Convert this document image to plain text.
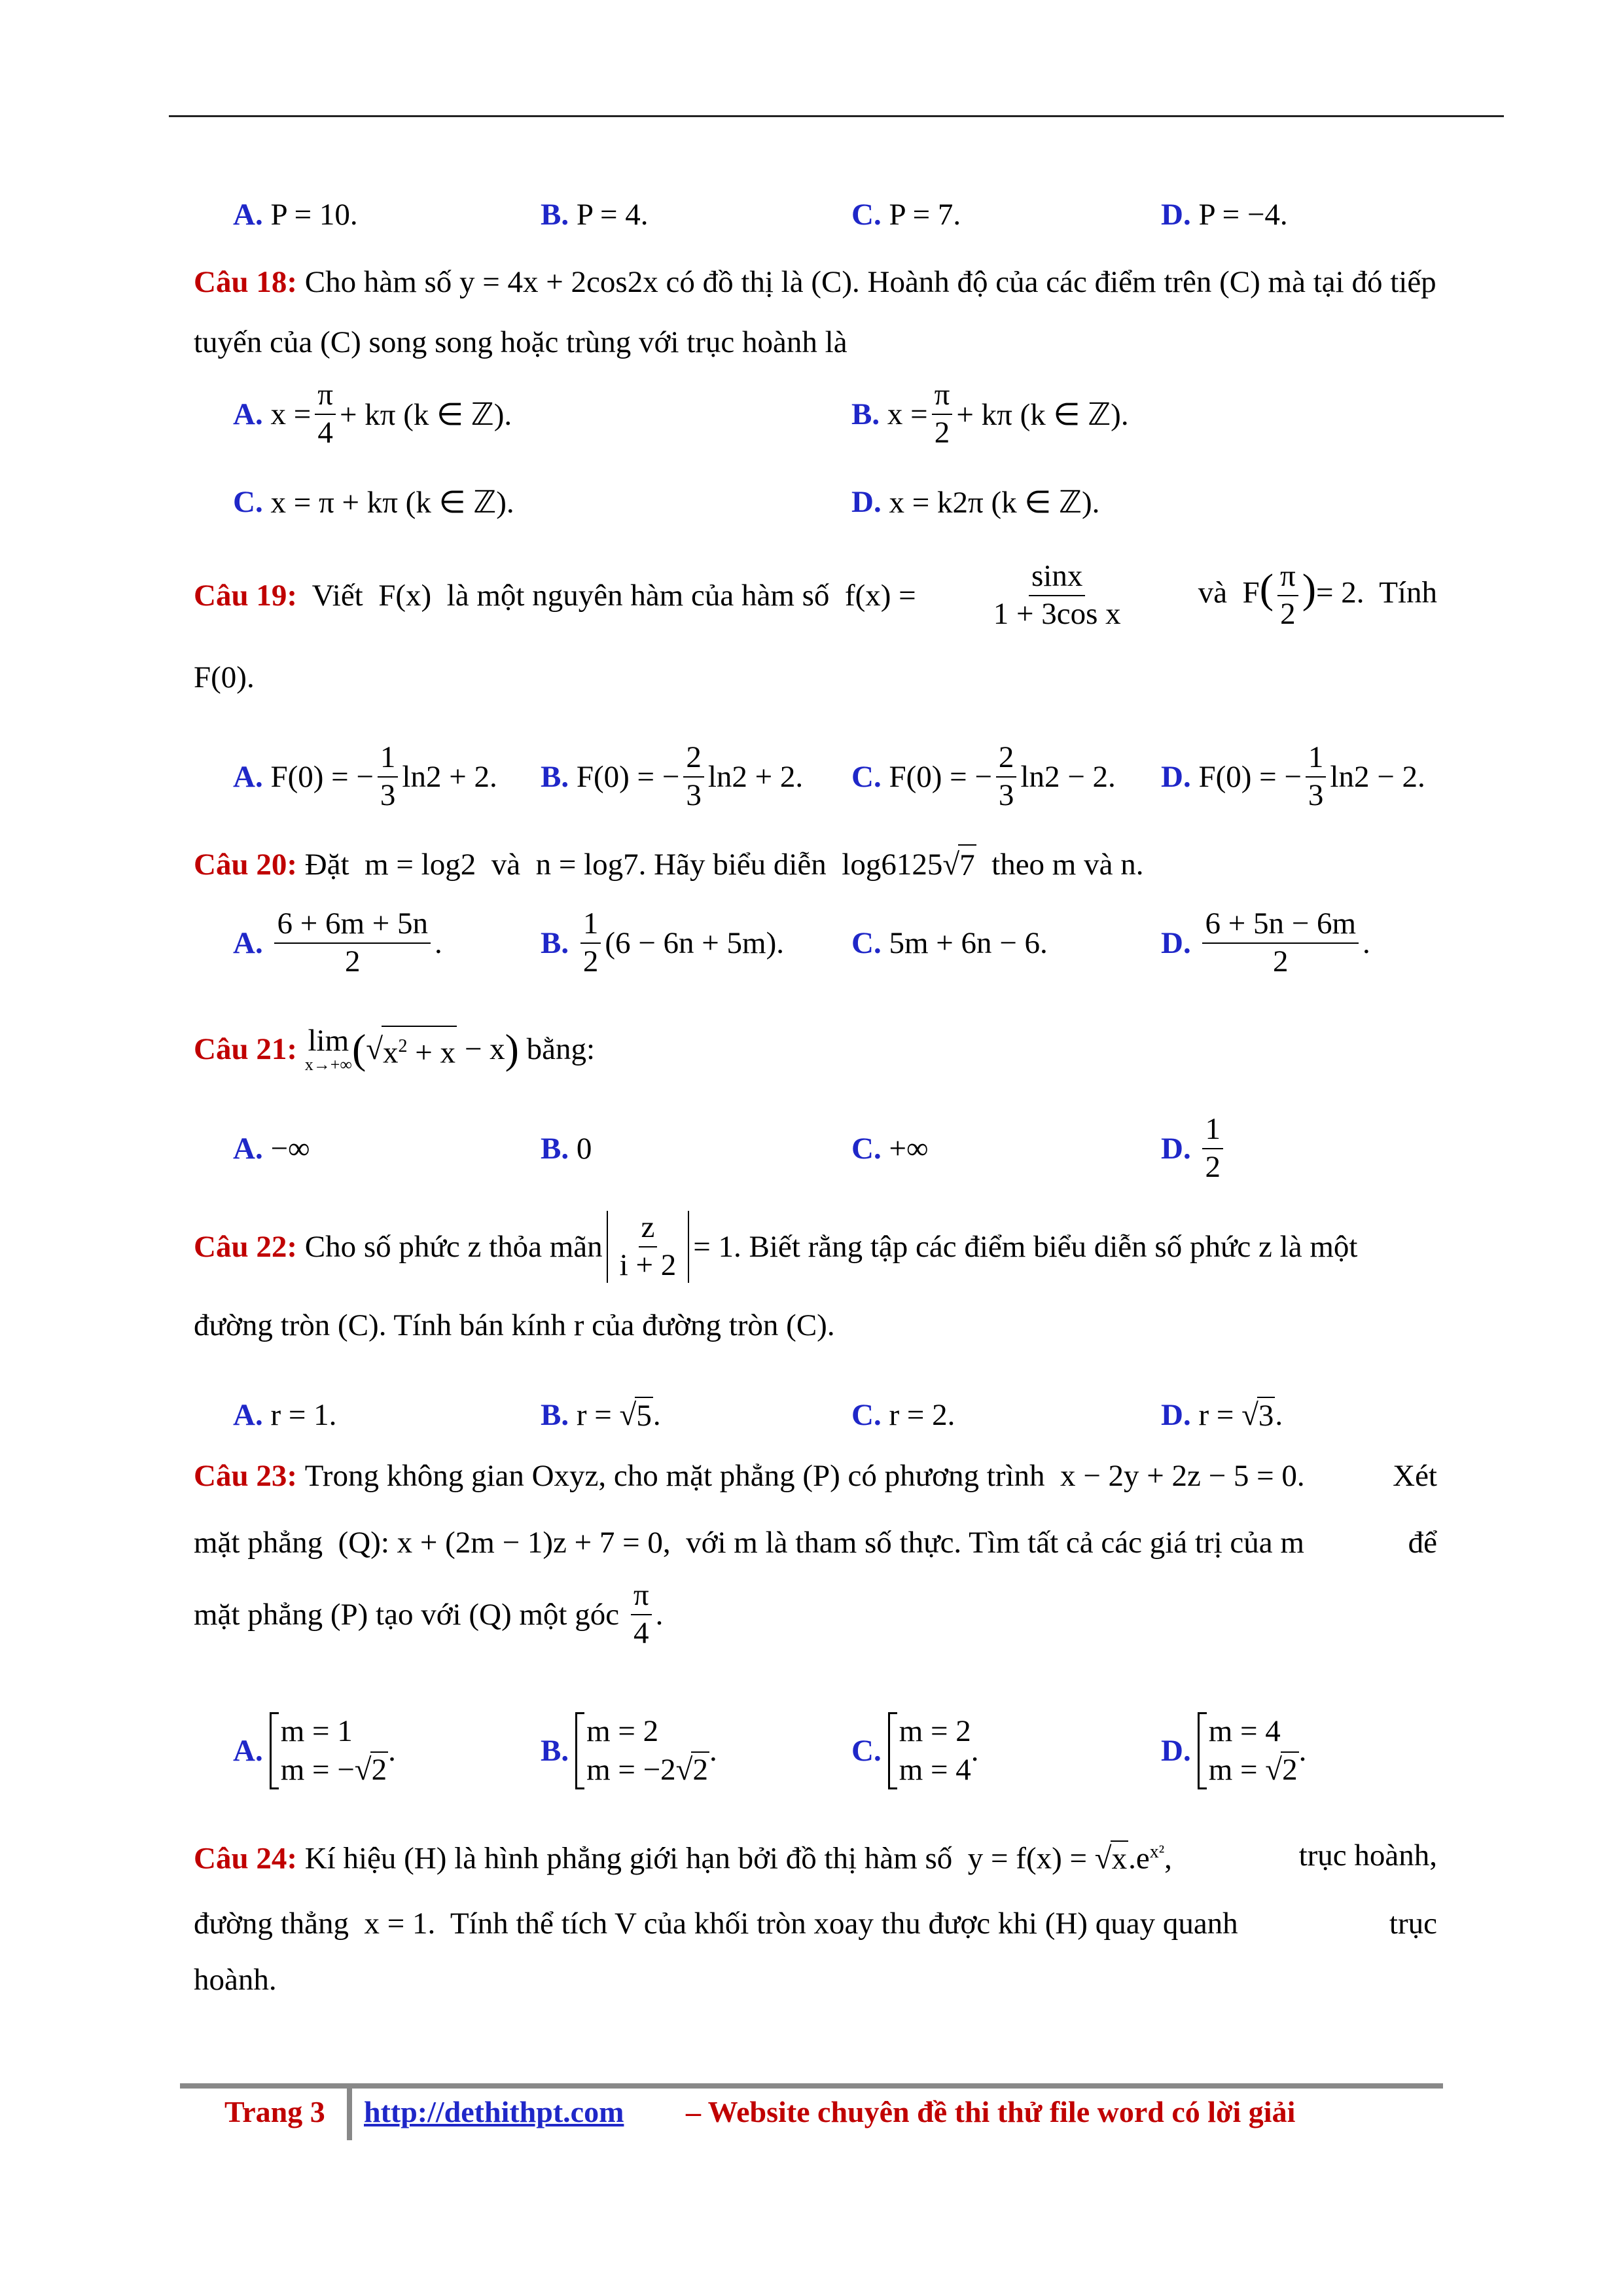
A. P = 10.	B. P = 4.	C. P = 7.	D. P = −4.
Câu 18: Cho hàm số y = 4x + 2cos2x có đồ thị là (C). Hoành độ của các điểm trên (C) mà tại đó tiếp tuyến của (C) song song hoặc trùng với trục hoành là
A. x =
π
4
+ kπ (k ∈ ℤ).	B. x =
π
2
+ kπ (k ∈ ℤ).
C. x = π + kπ (k ∈ ℤ).	D. x = k2π (k ∈ ℤ).
Câu 19:  Viết  F(x)  là một nguyên hàm của hàm số  $f(x) = \frac{\sin x}{\text{1 + 3cos x}}$ và  $F( \frac{\pi}{2}$ )= 2.  Tính
F(0).
A. F(0) = −
1
3
ln2 + 2. B. F(0) = −
2
3
ln2 + 2. C. F(0) = −
2
3
ln2 − 2. D. F(0) = −
1
3
ln2 − 2.
Câu 20: Đặt  m = log2  và  n = log7. Hãy biểu diễn  log6125√ 7 theo m và n.
A.

6 + 6m + 5n
2
.	B.

1
2
(6 − 6n + 5m). C. 5m + 6n − 6.	D.

6 + 5n − 6m
2
.
Câu 21:
lim
x→+∞ ( √ $x^2 + x - x$ ) bằng:
A. −∞	B. 0	C. +∞	D.

1
2
Câu 22: Cho số phức z thỏa mãn
z
i + 2
= 1. Biết rằng tập các điểm biểu diễn số phức z là một
đường tròn (C). Tính bán kính r của đường tròn (C).
A. r = 1.	B. r = √ 5 .	C. r = 2.	D. r = √ 3 .
Câu 23: Trong không gian Oxyz, cho mặt phẳng (P) có phương trình  x − 2y + 2z − 5 = 0.	Xét
mặt phẳng  (Q): x + (2m − 1)z + 7 = 0,  với m là tham số thực. Tìm tất cả các giá trị của m	để
mặt phẳng (P) tạo với (Q) một góc
π
4
.
A.
m = 1
m = −√2
.	B.
m = 2
m = −2√2
.	C.
m = 2
m = 4
.	D.
m = 4
m = √2
.
Câu 24: Kí hiệu (H) là hình phẳng giới hạn bởi đồ thị hàm số  $y = f(x) = √x.e^{x^2}$,	trục hoành,
đường thẳng  x = 1.  Tính thể tích V của khối tròn xoay thu được khi (H) quay quanh	trục
hoành.
Trang 3 http://dethithpt.com – Website chuyên đề thi thử file word có lời giải
